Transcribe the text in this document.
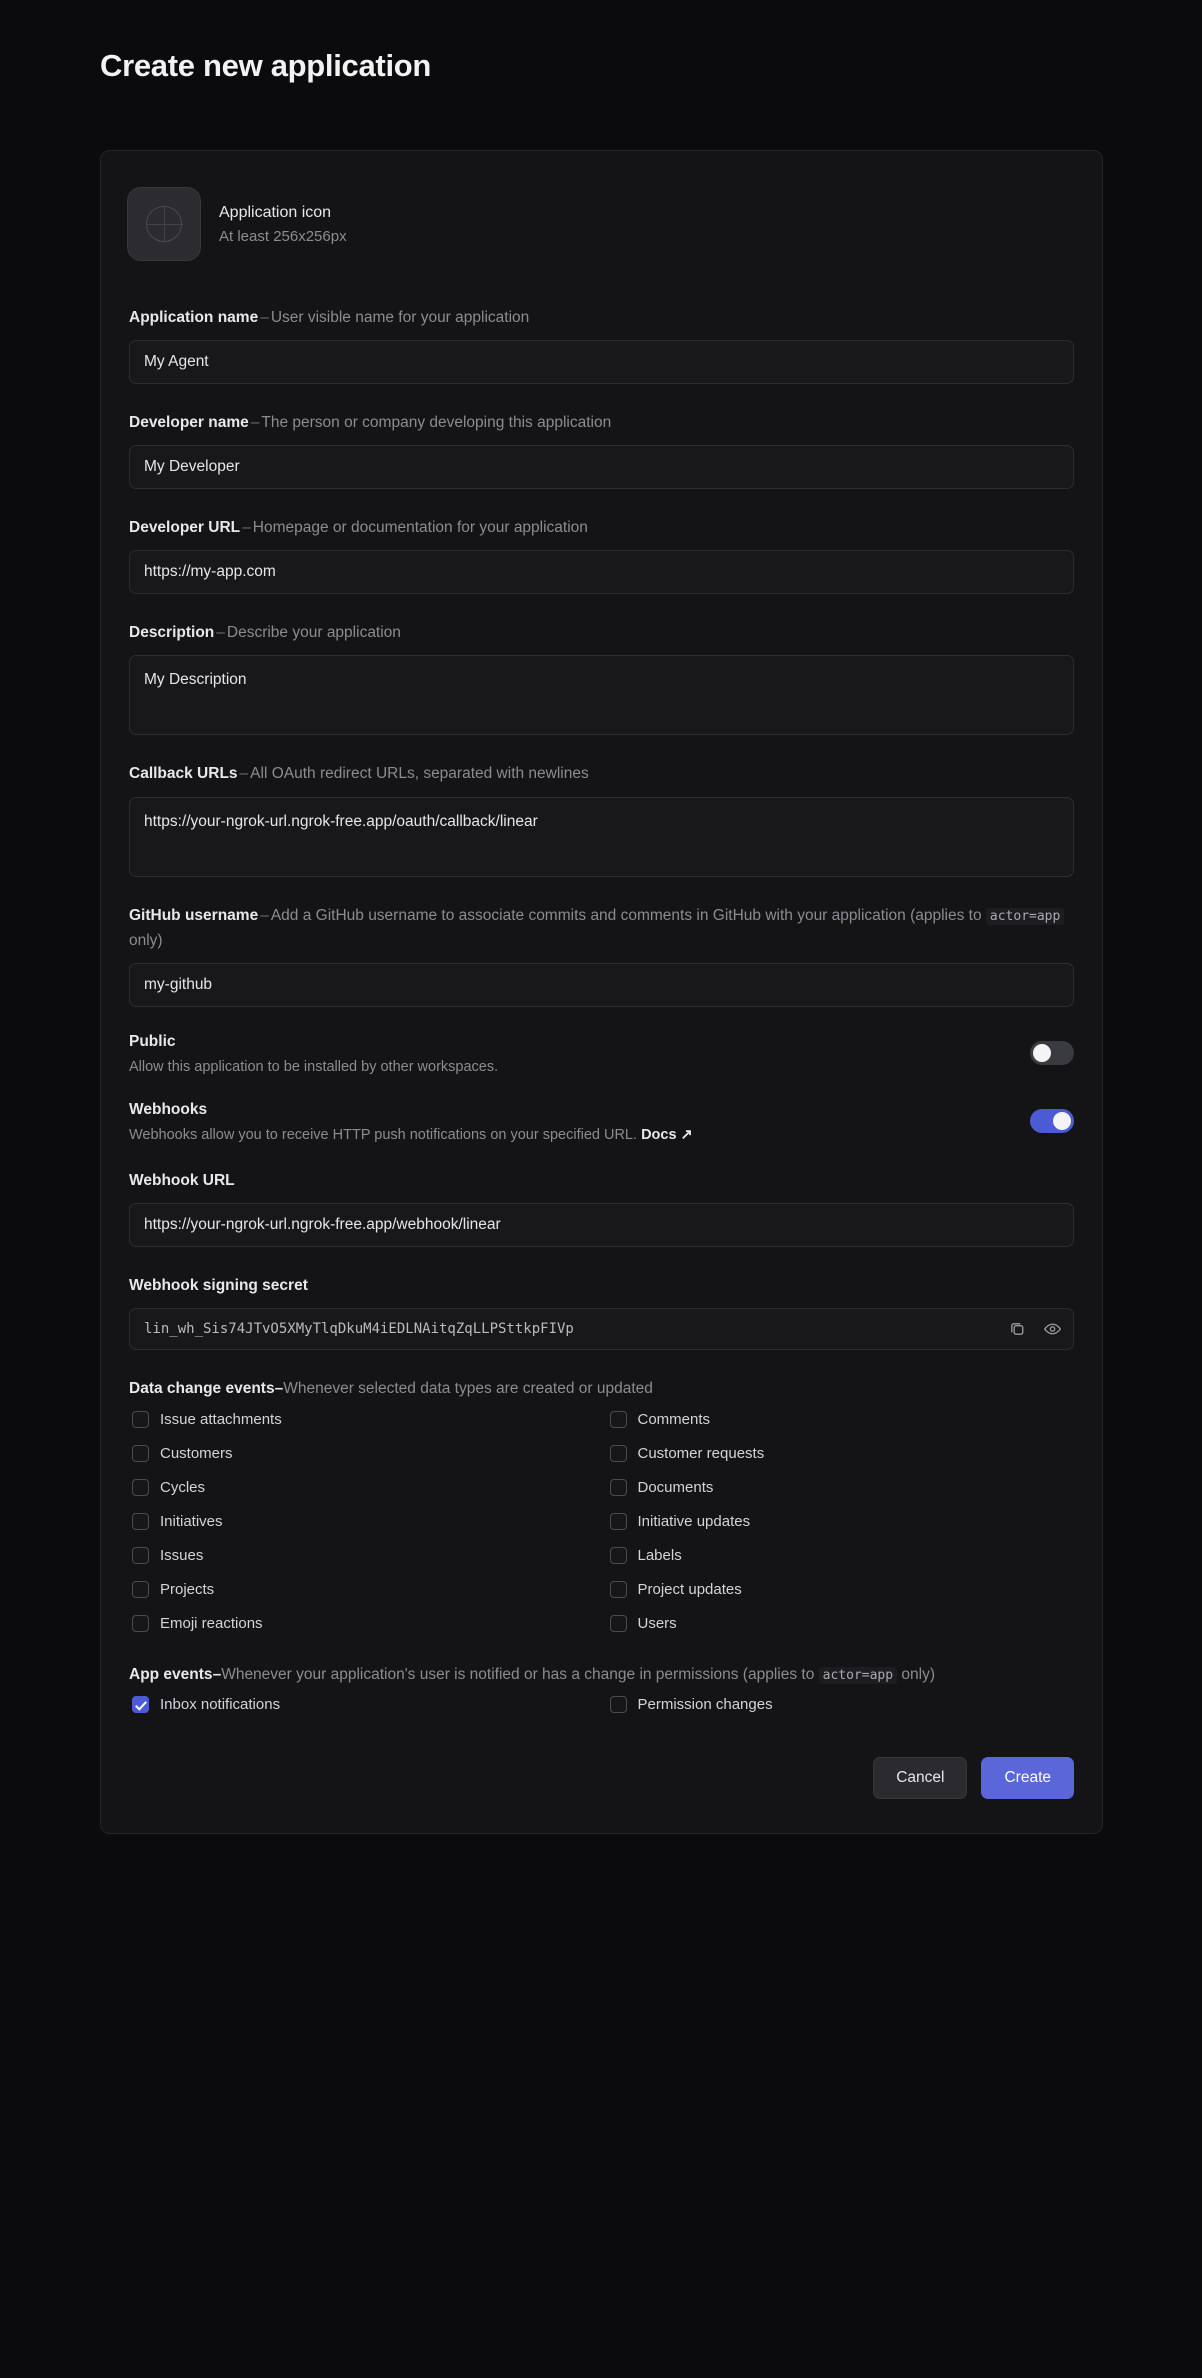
Create new application
Application icon
At least 256x256px
Application name – User visible name for your application
My Agent
Developer name – The person or company developing this application
My Developer
Developer URL – Homepage or documentation for your application
https://my-app.com
Description – Describe your application
My Description
Callback URLs – All OAuth redirect URLs, separated with newlines
https://your-ngrok-url.ngrok-free.app/oauth/callback/linear
GitHub username – Add a GitHub username to associate commits and comments in GitHub with your application (applies to actor=app only)
my-github
Public
Allow this application to be installed by other workspaces.
Webhooks
Webhooks allow you to receive HTTP push notifications on your specified URL. Docs ↗
Webhook URL
https://your-ngrok-url.ngrok-free.app/webhook/linear
Webhook signing secret
lin_wh_Sis74JTvO5XMyTlqDkuM4iEDLNAitqZqLLPSttkpFIVp
Data change events–Whenever selected data types are created or updated
Issue attachments	Comments
Customers	Customer requests
Cycles	Documents
Initiatives	Initiative updates
Issues	Labels
Projects	Project updates
Emoji reactions	Users
App events–Whenever your application's user is notified or has a change in permissions (applies to actor=app only)
Inbox notifications	Permission changes
Cancel	Create
